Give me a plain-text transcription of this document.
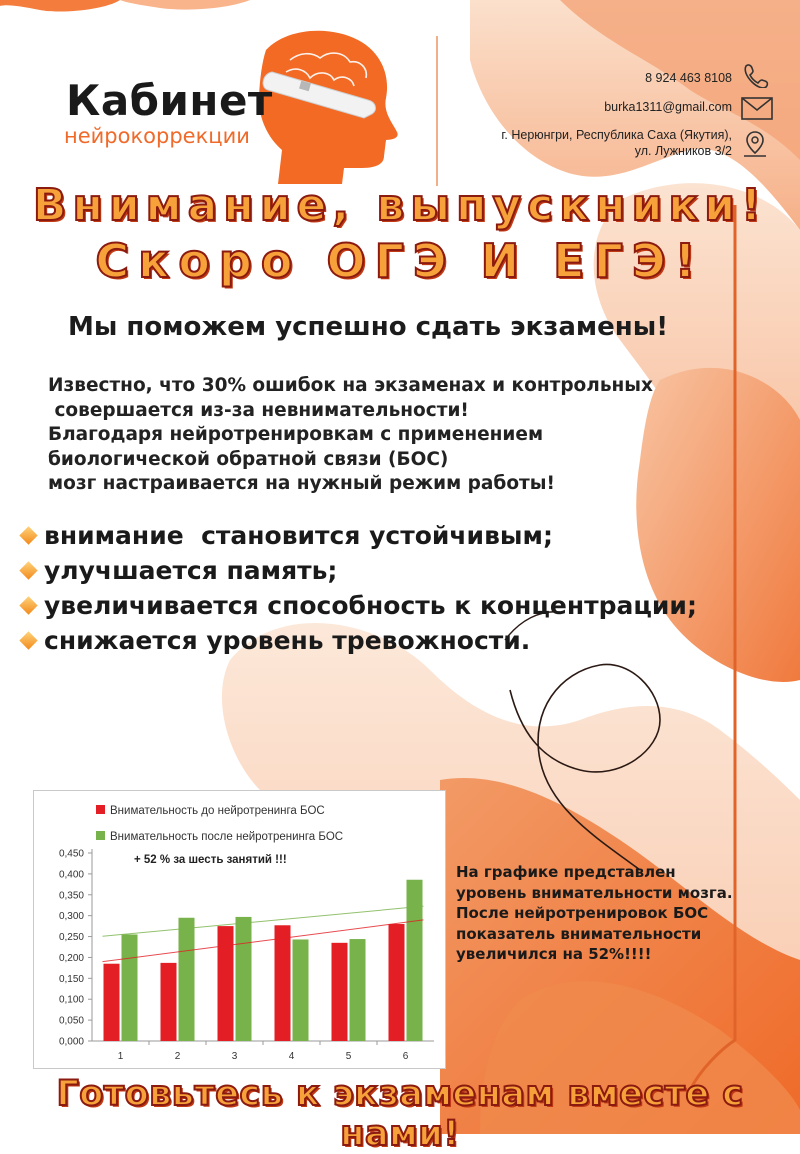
Кабинет
нейрокоррекции
8 924 463 8108
burka1311@gmail.com
г. Нерюнгри, Республика Саха (Якутия),
ул. Лужников 3/2
Внимание, выпускники!
Скоро ОГЭ И ЕГЭ!
Мы поможем успешно сдать экзамены!
Известно, что 30% ошибок на экзаменах и контрольных
совершается из-за невнимательности!
Благодаря нейротренировкам с применением
биологической обратной связи (БОС)
мозг настраивается на нужный режим работы!
внимание  становится устойчивым;
улучшается память;
увеличивается способность к концентрации;
снижается уровень тревожности.
Внимательность до нейротренинга БОС
Внимательность после нейротренинга БОС
+ 52 % за шесть занятий !!!
0,000
0,050
0,100
0,150
0,200
0,250
0,300
0,350
0,400
0,450
1	2	3	4	5	6
На графике представлен
уровень внимательности мозга.
После нейротренировок БОС
показатель внимательности
увеличился на 52%!!!!
Готовьтесь к экзаменам вместе с нами!
